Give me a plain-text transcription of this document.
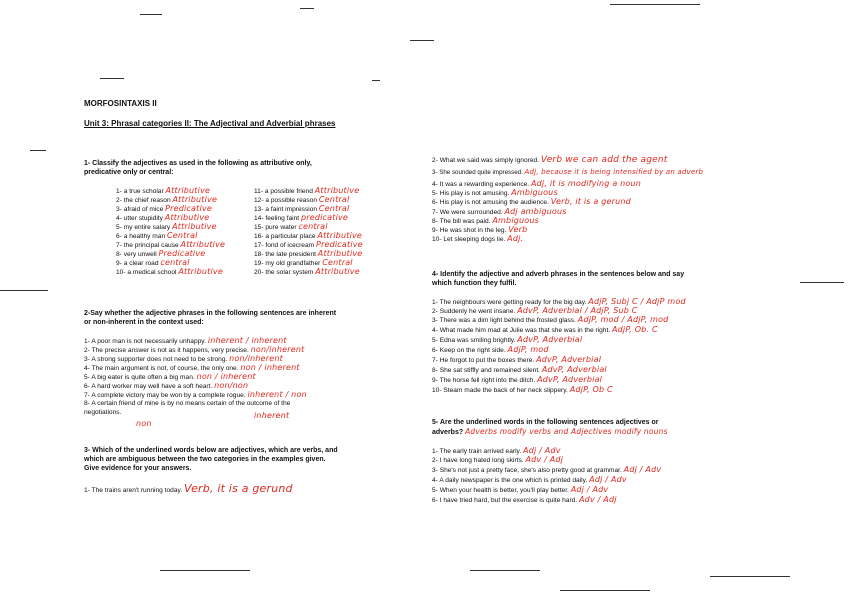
MORFOSINTAXIS II
Unit 3: Phrasal categories II: The Adjectival and Adverbial phrases
1- Classify the adjectives as used in the following as attributive only,
predicative only or central:
1- a true scholar Attributive
2- the chief reason Attributive
3- afraid of mice Predicative
4- utter stupidity Attributive
5- my entire salary Attributive
6- a healthy man Central
7- the principal cause Attributive
8- very unwell Predicative
9- a clear road central
10- a medical school Attributive
11- a possible friend Attributive
12- a possible reason Central
13- a faint impression Central
14- feeling faint predicative
15- pure water central
16- a particular place Attributive
17- fond of icecream Predicative
18- the late president Attributive
19- my old grandfather Central
20- the solar system Attributive
2-Say whether the adjective phrases in the following sentences are inherent
or non-inherent in the context used:
1- A poor man is not necessarily unhappy. inherent / inherent
2- The precise answer is not as it happens, very precise. non/inherent
3- A strong supporter does not need to be strong. non/inherent
4- The main argument is not, of course, the only one. non / inherent
5- A big eater is quite often a big man. non / inherent
6- A hard worker may well have a soft heart. non/non
7- A complete victory may be won by a complete rogue. inherent / non
8- A certain friend of mine is by no means certain of the outcome of the
negotiations.
non
inherent
3- Which of the underlined words below are adjectives, which are verbs, and
which are ambiguous between the two categories in the examples given.
Give evidence for your answers.
1- The trains aren't running today. Verb, it is a gerund
2- What we said was simply ignored. Verb we can add the agent
3- She sounded quite impressed. Adj, because it is being intensified by an adverb
4- It was a rewarding experience. Adj, it is modifying a noun
5- His play is not amusing. Ambiguous
6- His play is not amusing the audience. Verb, it is a gerund
7- We were surrounded. Adj ambiguous
8- The bill was paid. Ambiguous
9- He was shot in the leg. Verb
10- Let sleeping dogs lie. Adj.
4- Identify the adjective and adverb phrases in the sentences below and say
which function they fulfil.
1- The neighbours were getting ready for the big day. AdjP, Subj C / AdjP mod
2- Suddenly he went insane. AdvP, Adverbial / AdjP, Sub C
3- There was a dim light behind the frosted glass. AdjP, mod / AdjP, mod
4- What made him mad at Julie was that she was in the right. AdjP, Ob. C
5- Edna was smiling brightly. AdvP, Adverbial
6- Keep on the right side. AdjP, mod
7- He forgot to put the boxes there. AdvP, Adverbial
8- She sat stiffly and remained silent. AdvP, Adverbial
9- The horse fell right into the ditch. AdvP, Adverbial
10- Steam made the back of her neck slippery. AdjP, Ob C
5- Are the underlined words in the following sentences adjectives or
adverbs? Adverbs modify verbs and Adjectives modify nouns
1- The early train arrived early. Adj / Adv
2- I have long hated long skirts. Adv / Adj
3- She's not just a pretty face, she's also pretty good at grammar. Adj / Adv
4- A daily newspaper is the one which is printed daily. Adj / Adv
5- When your health is better, you'll play better. Adj / Adv
6- I have tried hard, but the exercise is quite hard. Adv / Adj
